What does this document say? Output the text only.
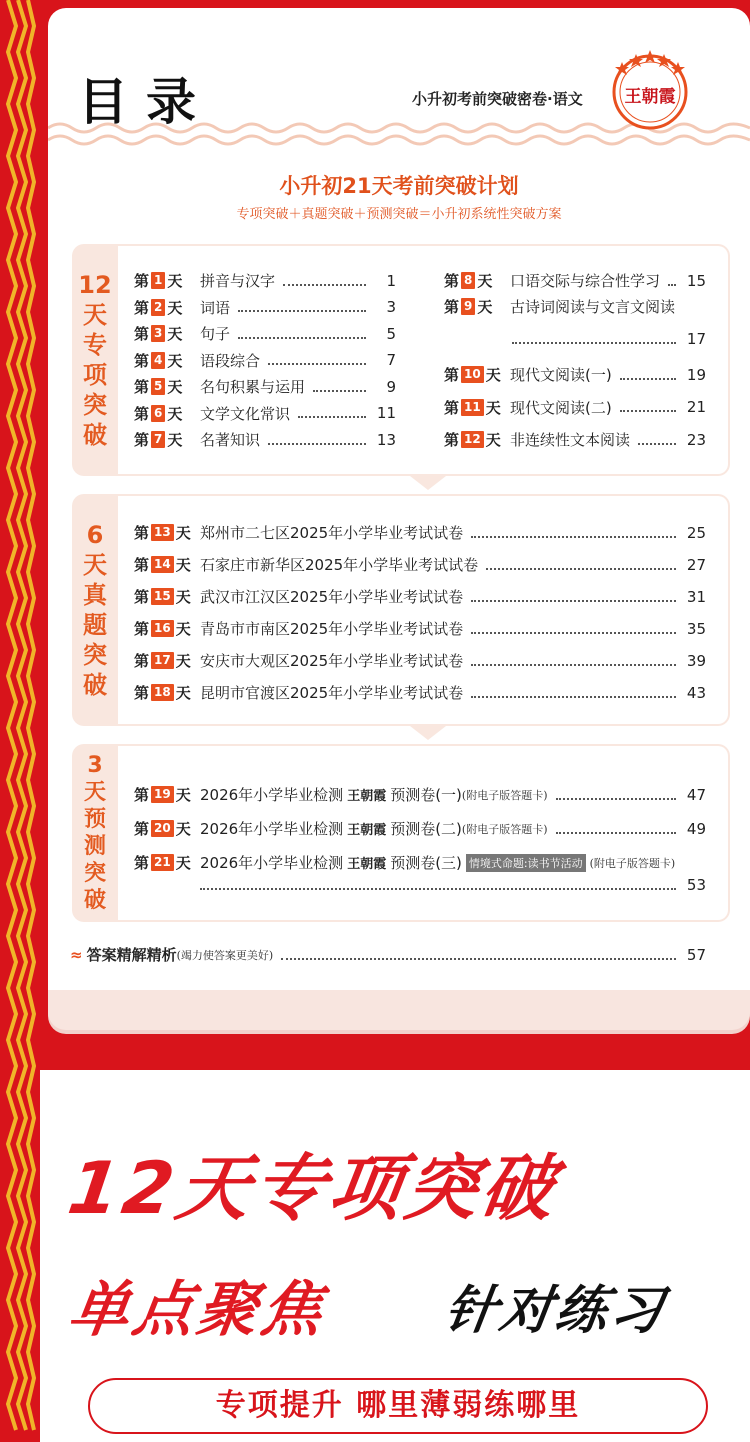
目录	小升初考前突破密卷·语文 王朝霞
小升初21天考前突破计划
专项突破＋真题突破＋预测突破＝小升初系统性突破方案
12
天
专
项
突
破
6
天
真
题
突
破
3
天
预
测
突
破
第 1 天 拼音与汉字	1
第 2 天 词语	3
第 3 天 句子	5
第 4 天 语段综合	7
第 5 天 名句积累与运用	9
第 6 天 文学文化常识	11
第 7 天 名著知识	13
第 8 天 口语交际与综合性学习 15
第 9 天 古诗词阅读与文言文阅读
17
第 10 天 现代文阅读(一)	19
第 11 天 现代文阅读(二)	21
第 12 天 非连续性文本阅读	23
第 13 天 郑州市二七区2025年小学毕业考试试卷	25
第 14 天 石家庄市新华区2025年小学毕业考试试卷	27
第 15 天 武汉市江汉区2025年小学毕业考试试卷	31
第 16 天 青岛市市南区2025年小学毕业考试试卷	35
第 17 天 安庆市大观区2025年小学毕业考试试卷	39
第 18 天 昆明市官渡区2025年小学毕业考试试卷	43
第 19 天 2026年小学毕业检测 王朝霞 预测卷(一) (附电子版答题卡)	47
第 20 天 2026年小学毕业检测 王朝霞 预测卷(二) (附电子版答题卡)	49
第 21 天 2026年小学毕业检测 王朝霞 预测卷(三) 情境式命题:读书节活动 (附电子版答题卡)
53
≈ 答案精解精析 (竭力使答案更美好)	57
12天专项突破
单点聚焦 针对练习
专项提升 哪里薄弱练哪里
